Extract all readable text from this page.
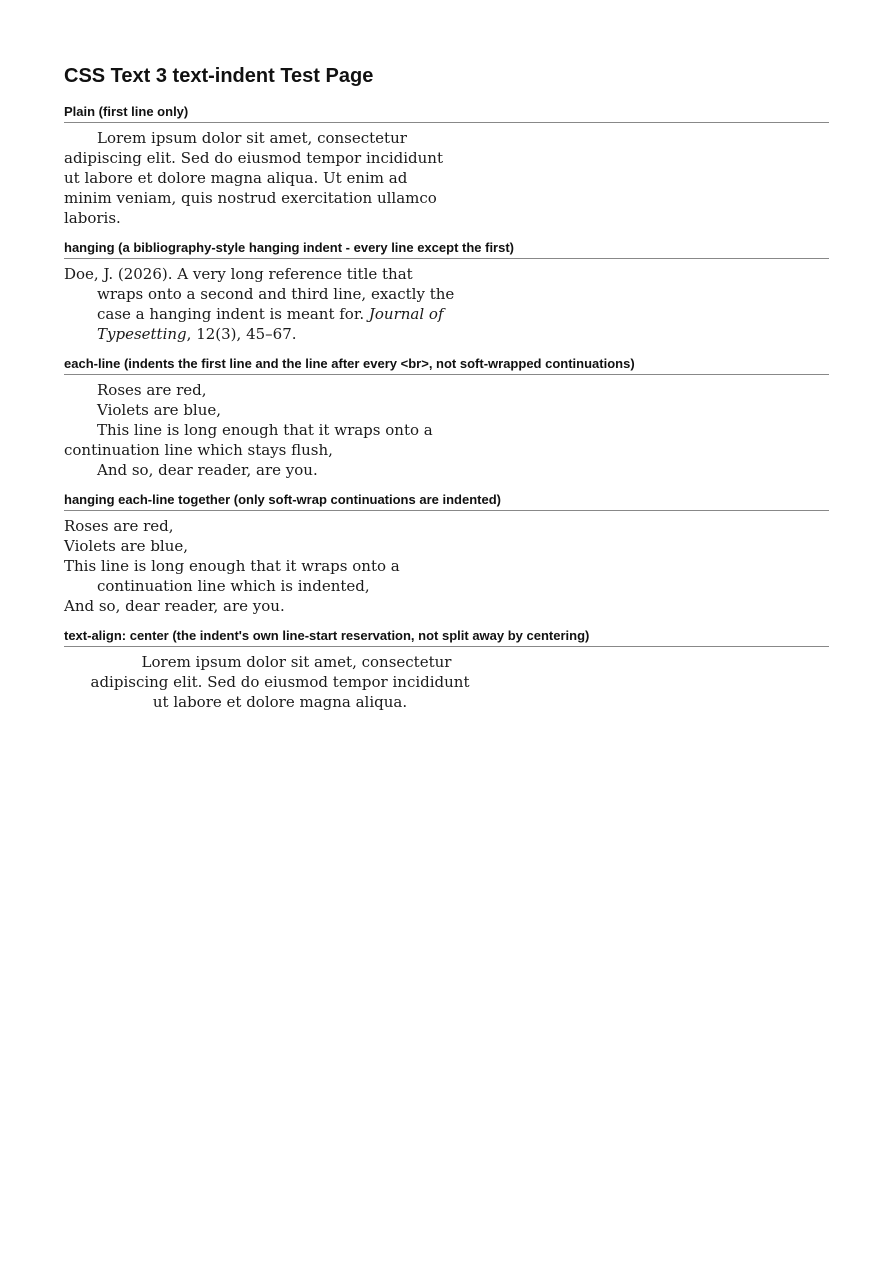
CSS Text 3 text-indent Test Page
Plain (first line only)
Lorem ipsum dolor sit amet, consectetur
adipiscing elit. Sed do eiusmod tempor incididunt
ut labore et dolore magna aliqua. Ut enim ad
minim veniam, quis nostrud exercitation ullamco
laboris.
hanging (a bibliography-style hanging indent - every line except the first)
Doe, J. (2026). A very long reference title that
wraps onto a second and third line, exactly the
case a hanging indent is meant for. Journal of
Typesetting, 12(3), 45–67.
each-line (indents the first line and the line after every <br>, not soft-wrapped continuations)
Roses are red,
Violets are blue,
This line is long enough that it wraps onto a
continuation line which stays flush,
And so, dear reader, are you.
hanging each-line together (only soft-wrap continuations are indented)
Roses are red,
Violets are blue,
This line is long enough that it wraps onto a
continuation line which is indented,
And so, dear reader, are you.
text-align: center (the indent's own line-start reservation, not split away by centering)
Lorem ipsum dolor sit amet, consectetur
adipiscing elit. Sed do eiusmod tempor incididunt
ut labore et dolore magna aliqua.
